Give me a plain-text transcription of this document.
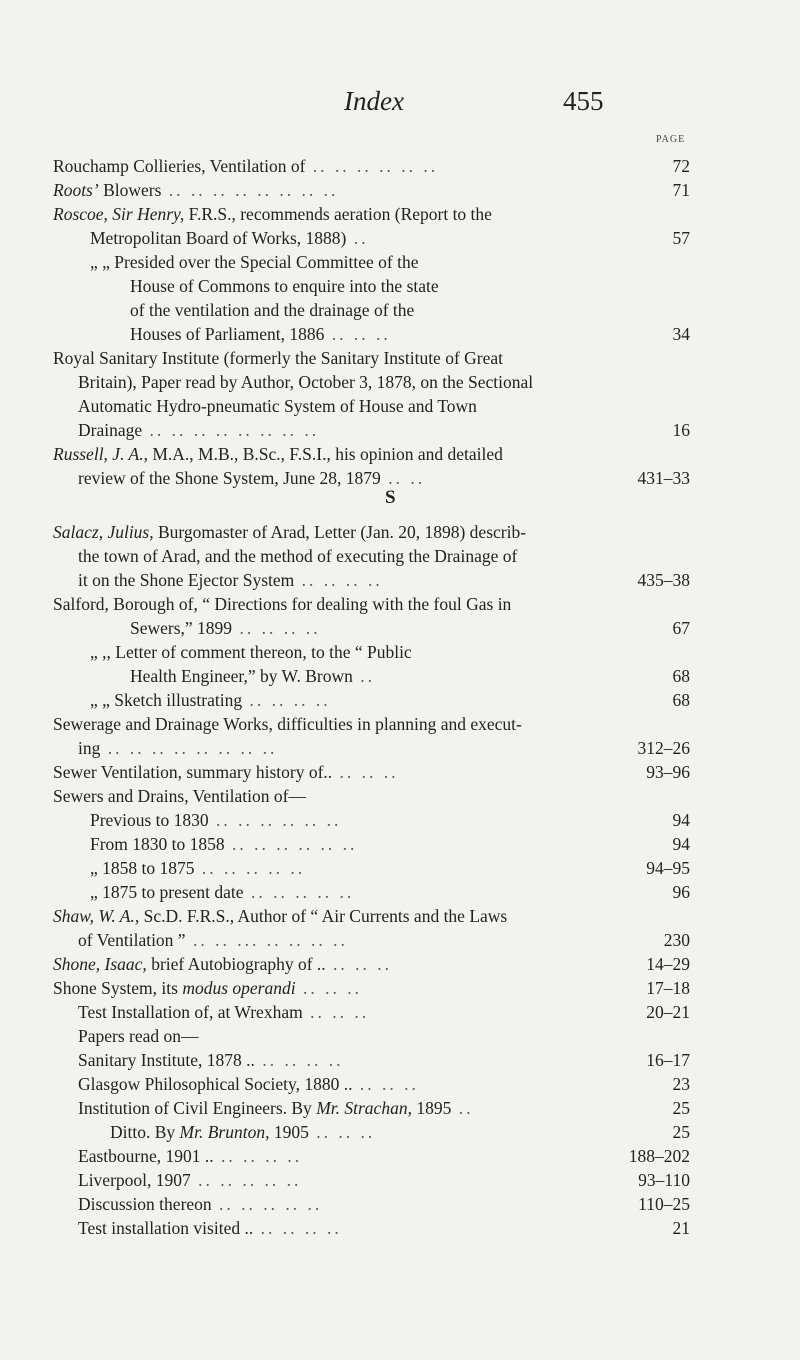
Index	455
PAGE
S
Rouchamp Collieries, Ventilation of .. .. .. .. .. ..	72
Roots’ Blowers .. .. .. .. .. .. .. ..	71
Roscoe, Sir Henry, F.R.S., recommends aeration (Report to the
Metropolitan Board of Works, 1888) ..	57
„ „ Presided over the Special Committee of the
House of Commons to enquire into the state
of the ventilation and the drainage of the
Houses of Parliament, 1886 .. .. ..	34
Royal Sanitary Institute (formerly the Sanitary Institute of Great
Britain), Paper read by Author, October 3, 1878, on the Sectional
Automatic Hydro-pneumatic System of House and Town
Drainage .. .. .. .. .. .. .. ..	16
Russell, J. A., M.A., M.B., B.Sc., F.S.I., his opinion and detailed
review of the Shone System, June 28, 1879 .. ..	431–33
Salacz, Julius, Burgomaster of Arad, Letter (Jan. 20, 1898) describ-
the town of Arad, and the method of executing the Drainage of
it on the Shone Ejector System .. .. .. ..	435–38
Salford, Borough of, “ Directions for dealing with the foul Gas in
Sewers,” 1899 .. .. .. ..	67
„ ,, Letter of comment thereon, to the “ Public
Health Engineer,” by W. Brown ..	68
„ „ Sketch illustrating .. .. .. ..	68
Sewerage and Drainage Works, difficulties in planning and execut-
ing .. .. .. .. .. .. .. ..	312–26
Sewer Ventilation, summary history of.. .. .. ..	93–96
Sewers and Drains, Ventilation of—
Previous to 1830 .. .. .. .. .. ..	94
From 1830 to 1858 .. .. .. .. .. ..	94
„ 1858 to 1875 .. .. .. .. ..	94–95
„ 1875 to present date .. .. .. .. ..	96
Shaw, W. A., Sc.D. F.R.S., Author of “ Air Currents and the Laws
of Ventilation ” .. .. ... .. .. .. ..	230
Shone, Isaac, brief Autobiography of .. .. .. ..	14–29
Shone System, its modus operandi .. .. ..	17–18
Test Installation of, at Wrexham .. .. ..	20–21
Papers read on—
Sanitary Institute, 1878 .. .. .. .. ..	16–17
Glasgow Philosophical Society, 1880 .. .. .. ..	23
Institution of Civil Engineers. By Mr. Strachan, 1895 ..	25
Ditto. By Mr. Brunton, 1905 .. .. ..	25
Eastbourne, 1901 .. .. .. .. ..	188–202
Liverpool, 1907 .. .. .. .. ..	93–110
Discussion thereon .. .. .. .. ..	110–25
Test installation visited .. .. .. .. ..	21
